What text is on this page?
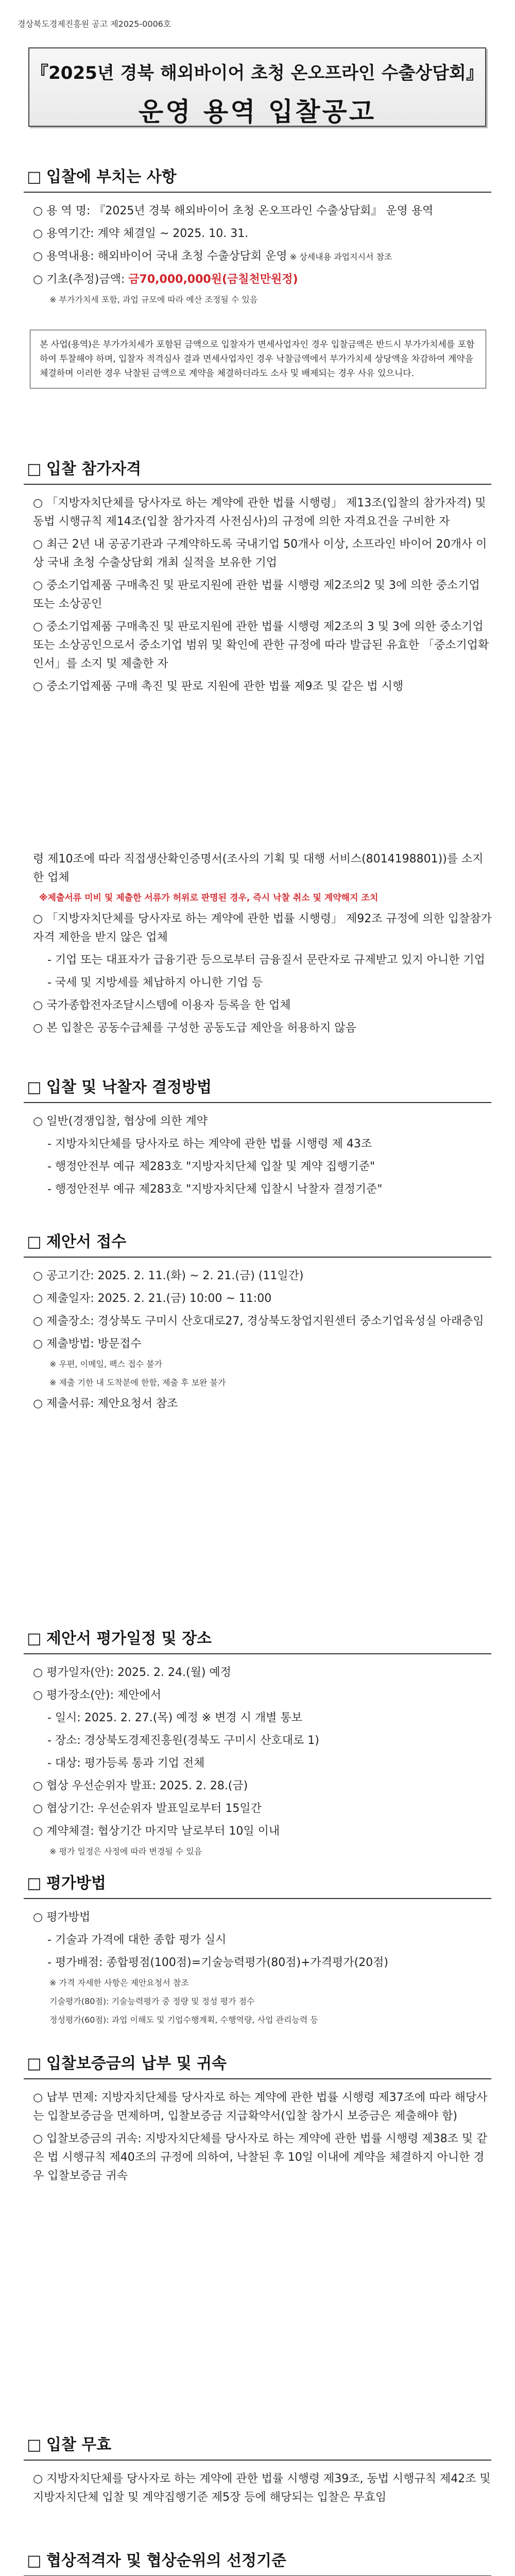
경상북도경제진흥원 공고 제2025-0006호
『2025년 경북 해외바이어 초청 온오프라인 수출상담회』
운영 용역 입찰공고
□ 입찰에 부치는 사항
○ 용 역 명: 『2025년 경북 해외바이어 초청 온오프라인 수출상담회』 운영 용역
○ 용역기간: 계약 체결일 ~ 2025. 10. 31.
○ 용역내용: 해외바이어 국내 초청 수출상담회 운영 ※ 상세내용 과업지시서 참조
○ 기초(추정)금액: 금70,000,000원(금칠천만원정)
※ 부가가치세 포함, 과업 규모에 따라 예산 조정될 수 있음
본 사업(용역)은 부가가치세가 포함된 금액으로 입찰자가 면세사업자인 경우 입찰금액은 반드시 부가가치세를 포함하여 투찰해야 하며, 입찰자 적격심사 결과 면세사업자인 경우 낙찰금액에서 부가가치세 상당액을 차감하여 계약을 체결하며 이러한 경우 낙찰된 금액으로 계약을 체결하더라도 소사 및 배제되는 경우 사유 있으니다.
□ 입찰 참가자격
○ 「지방자치단체를 당사자로 하는 계약에 관한 법률 시행령」 제13조(입찰의 참가자격) 및 동법 시행규칙 제14조(입찰 참가자격 사전심사)의 규정에 의한 자격요건을 구비한 자
○ 최근 2년 내 공공기관과 구계약하도록 국내기업 50개사 이상, 소프라인 바이어 20개사 이상 국내 초청 수출상담회 개최 실적을 보유한 기업
○ 중소기업제품 구매촉진 및 판로지원에 관한 법률 시행령 제2조의2 및 3에 의한 중소기업 또는 소상공인
○ 중소기업제품 구매촉진 및 판로지원에 관한 법률 시행령 제2조의 3 및 3에 의한 중소기업 또는 소상공인으로서 중소기업 범위 및 확인에 관한 규정에 따라 발급된 유효한 「중소기업확인서」를 소지 및 제출한 자
○ 중소기업제품 구매 촉진 및 판로 지원에 관한 법률 제9조 및 같은 법 시행
령 제10조에 따라 직접생산확인증명서(조사의 기획 및 대행 서비스(8014198801))를 소지한 업체
※제출서류 미비 및 제출한 서류가 허위로 판명된 경우, 즉시 낙찰 취소 및 계약해지 조치
○ 「지방자치단체를 당사자로 하는 계약에 관한 법률 시행령」 제92조 규정에 의한 입찰참가자격 제한을 받지 않은 업체
- 기업 또는 대표자가 급융기관 등으로부터 금융질서 문란자로 규제받고 있지 아니한 기업
- 국세 및 지방세를 체납하지 아니한 기업 등
○ 국가종합전자조달시스템에 이용자 등록을 한 업체
○ 본 입찰은 공동수급체를 구성한 공동도급 제안을 허용하지 않음
□ 입찰 및 낙찰자 결정방법
○ 일반(경쟁입찰, 협상에 의한 계약
- 지방자치단체를 당사자로 하는 계약에 관한 법률 시행령 제 43조
- 행정안전부 예규 제283호 "지방자치단체 입찰 및 계약 집행기준"
- 행정안전부 예규 제283호 "지방자치단체 입찰시 낙찰자 결정기준"
□ 제안서 접수
○ 공고기간: 2025. 2. 11.(화) ~ 2. 21.(금) (11일간)
○ 제출일자: 2025. 2. 21.(금) 10:00 ~ 11:00
○ 제출장소: 경상북도 구미시 산호대로27, 경상북도창업지원센터 중소기업육성실 아래층임
○ 제출방법: 방문접수
※ 우편, 이메일, 팩스 접수 불가
※ 제출 기한 내 도착분에 한함, 제출 후 보완 불가
○ 제출서류: 제안요청서 참조
□ 제안서 평가일정 및 장소
○ 평가일자(안): 2025. 2. 24.(월) 예정
○ 평가장소(안): 제안에서
- 일시: 2025. 2. 27.(목) 예정 ※ 변경 시 개별 통보
- 장소: 경상북도경제진흥원(경북도 구미시 산호대로 1)
- 대상: 평가등록 통과 기업 전체
○ 협상 우선순위자 발표: 2025. 2. 28.(금)
○ 협상기간: 우선순위자 발표일로부터 15일간
○ 계약체결: 협상기간 마지막 날로부터 10일 이내
※ 평가 일정은 사정에 따라 변경될 수 있음
□ 평가방법
○ 평가방법
- 기술과 가격에 대한 종합 평가 실시
- 평가배점: 종합평점(100점)=기술능력평가(80점)+가격평가(20점)
※ 가격 자세한 사항은 제안요청서 참조
기술평가(80점): 기술능력평가 중 정량 및 정성 평가 점수
정성평가(60점): 과업 이해도 및 기업수행계획, 수행역량, 사업 관리능력 등
□ 입찰보증금의 납부 및 귀속
○ 납부 면제: 지방자치단체를 당사자로 하는 계약에 관한 법률 시행령 제37조에 따라 해당사는 입찰보증금을 면제하며, 입찰보증금 지급확약서(입찰 참가시 보증금은 제출해야 함)
○ 입찰보증금의 귀속: 지방자치단체를 당사자로 하는 계약에 관한 법률 시행령 제38조 및 같은 법 시행규칙 제40조의 규정에 의하여, 낙찰된 후 10일 이내에 계약을 체결하지 아니한 경우 입찰보증금 귀속
□ 입찰 무효
○ 지방자치단체를 당사자로 하는 계약에 관한 법률 시행령 제39조, 동법 시행규칙 제42조 및 지방자치단체 입찰 및 계약집행기준 제5장 등에 해당되는 입찰은 무효임
□ 협상적격자 및 협상순위의 선정기준
